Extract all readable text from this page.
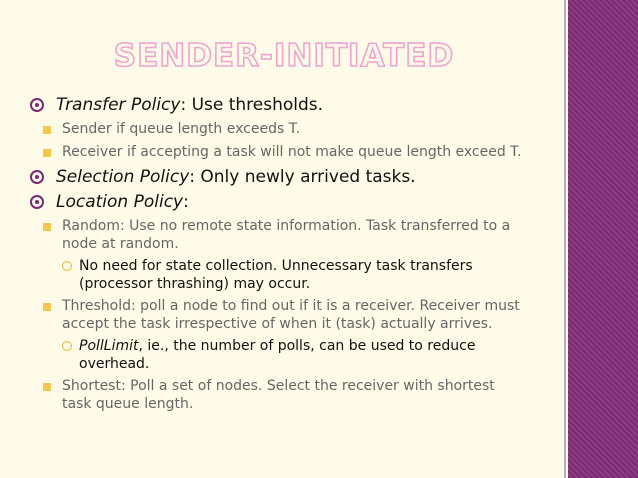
SENDER-INITIATED
Transfer Policy: Use thresholds.
Sender if queue length exceeds T.
Receiver if accepting a task will not make queue length exceed T.
Selection Policy: Only newly arrived tasks.
Location Policy:
Random: Use no remote state information. Task transferred to a
node at random.
No need for state collection. Unnecessary task transfers
(processor thrashing) may occur.
Threshold: poll a node to find out if it is a receiver. Receiver must
accept the task irrespective of when it (task) actually arrives.
PollLimit, ie., the number of polls, can be used to reduce
overhead.
Shortest: Poll a set of nodes. Select the receiver with shortest
task queue length.
